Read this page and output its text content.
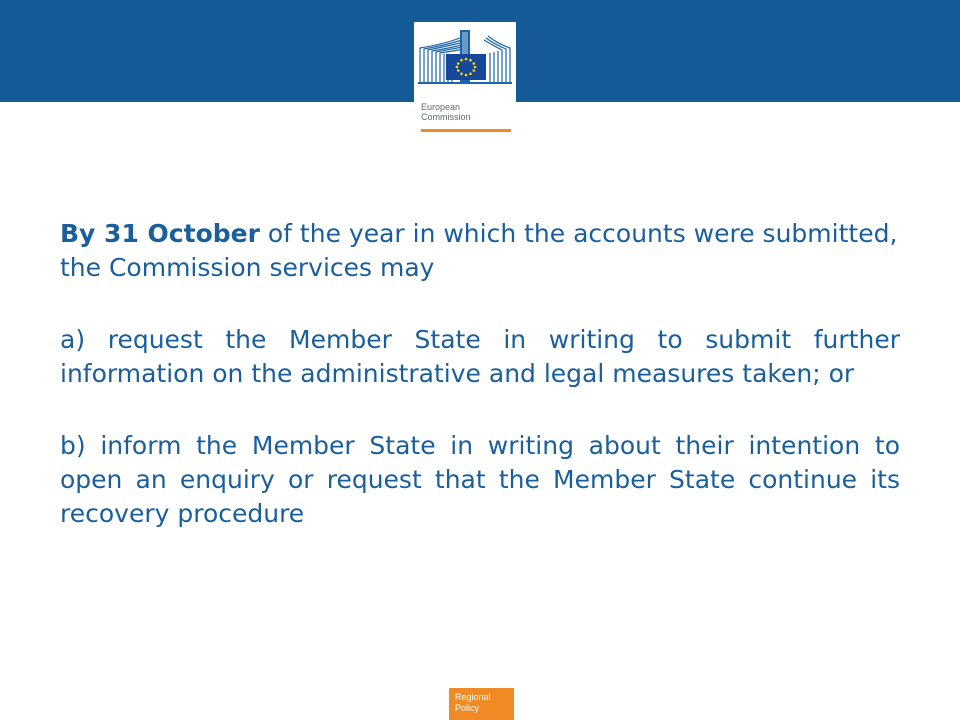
European
Commission

By 31 October of the year in which the accounts were submitted, the Commission services may

a) request the Member State in writing to submit further information on the administrative and legal measures taken; or

b) inform the Member State in writing about their intention to open an enquiry or request that the Member State continue its recovery procedure

Regional
Policy
